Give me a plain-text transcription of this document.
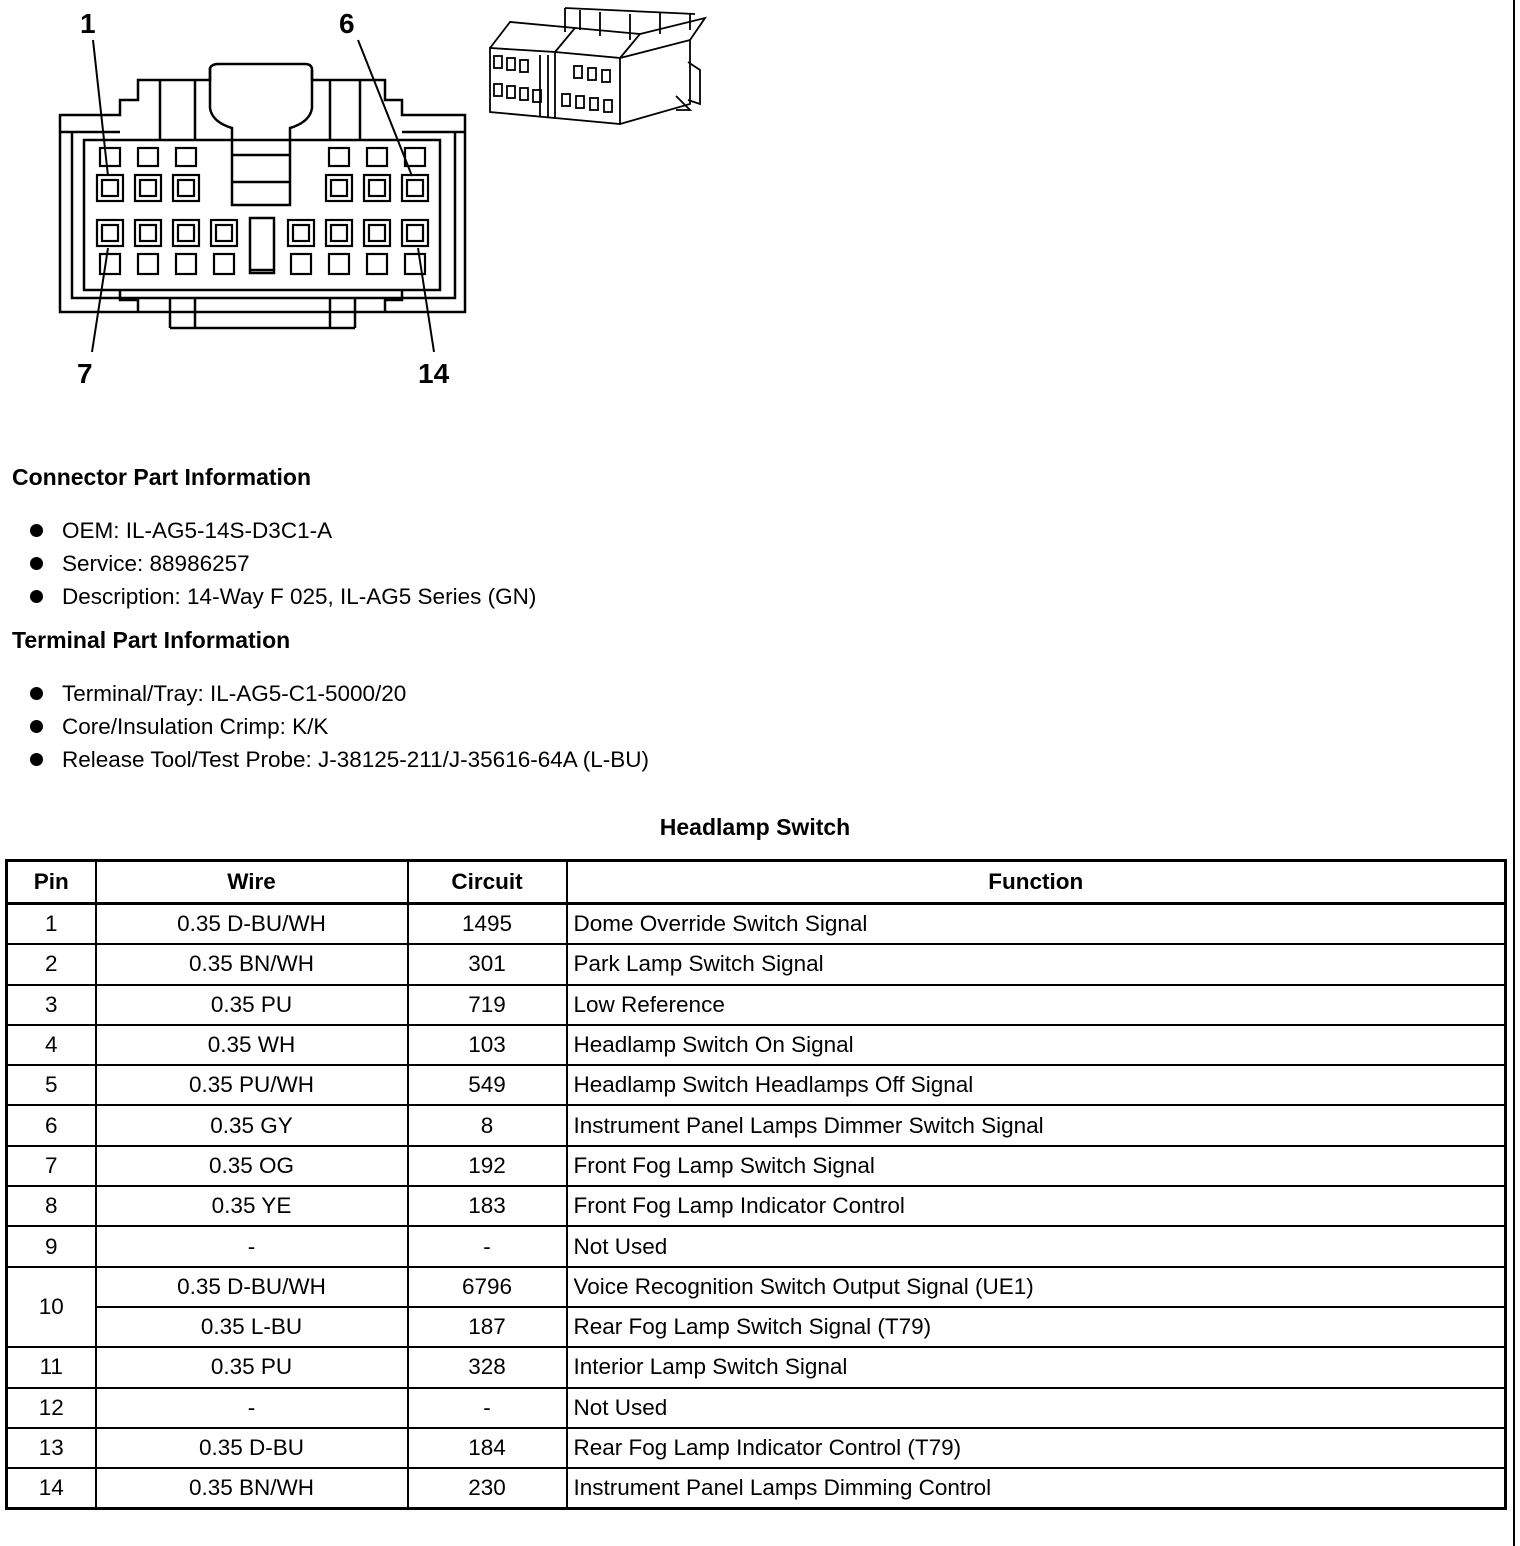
1	6
7	14
Connector Part Information
OEM: IL-AG5-14S-D3C1-A
Service: 88986257
Description: 14-Way F 025, IL-AG5 Series (GN)
Terminal Part Information
Terminal/Tray: IL-AG5-C1-5000/20
Core/Insulation Crimp: K/K
Release Tool/Test Probe: J-38125-211/J-35616-64A (L-BU)
Headlamp Switch
Pin	Wire	Circuit	Function
1	0.35 D-BU/WH	1495	Dome Override Switch Signal
2	0.35 BN/WH	301	Park Lamp Switch Signal
3	0.35 PU	719	Low Reference
4	0.35 WH	103	Headlamp Switch On Signal
5	0.35 PU/WH	549	Headlamp Switch Headlamps Off Signal
6	0.35 GY	8	Instrument Panel Lamps Dimmer Switch Signal
7	0.35 OG	192	Front Fog Lamp Switch Signal
8	0.35 YE	183	Front Fog Lamp Indicator Control
9	-	-	Not Used
10	0.35 D-BU/WH	6796	Voice Recognition Switch Output Signal (UE1)
	0.35 L-BU	187	Rear Fog Lamp Switch Signal (T79)
11	0.35 PU	328	Interior Lamp Switch Signal
12	-	-	Not Used
13	0.35 D-BU	184	Rear Fog Lamp Indicator Control (T79)
14	0.35 BN/WH	230	Instrument Panel Lamps Dimming Control
